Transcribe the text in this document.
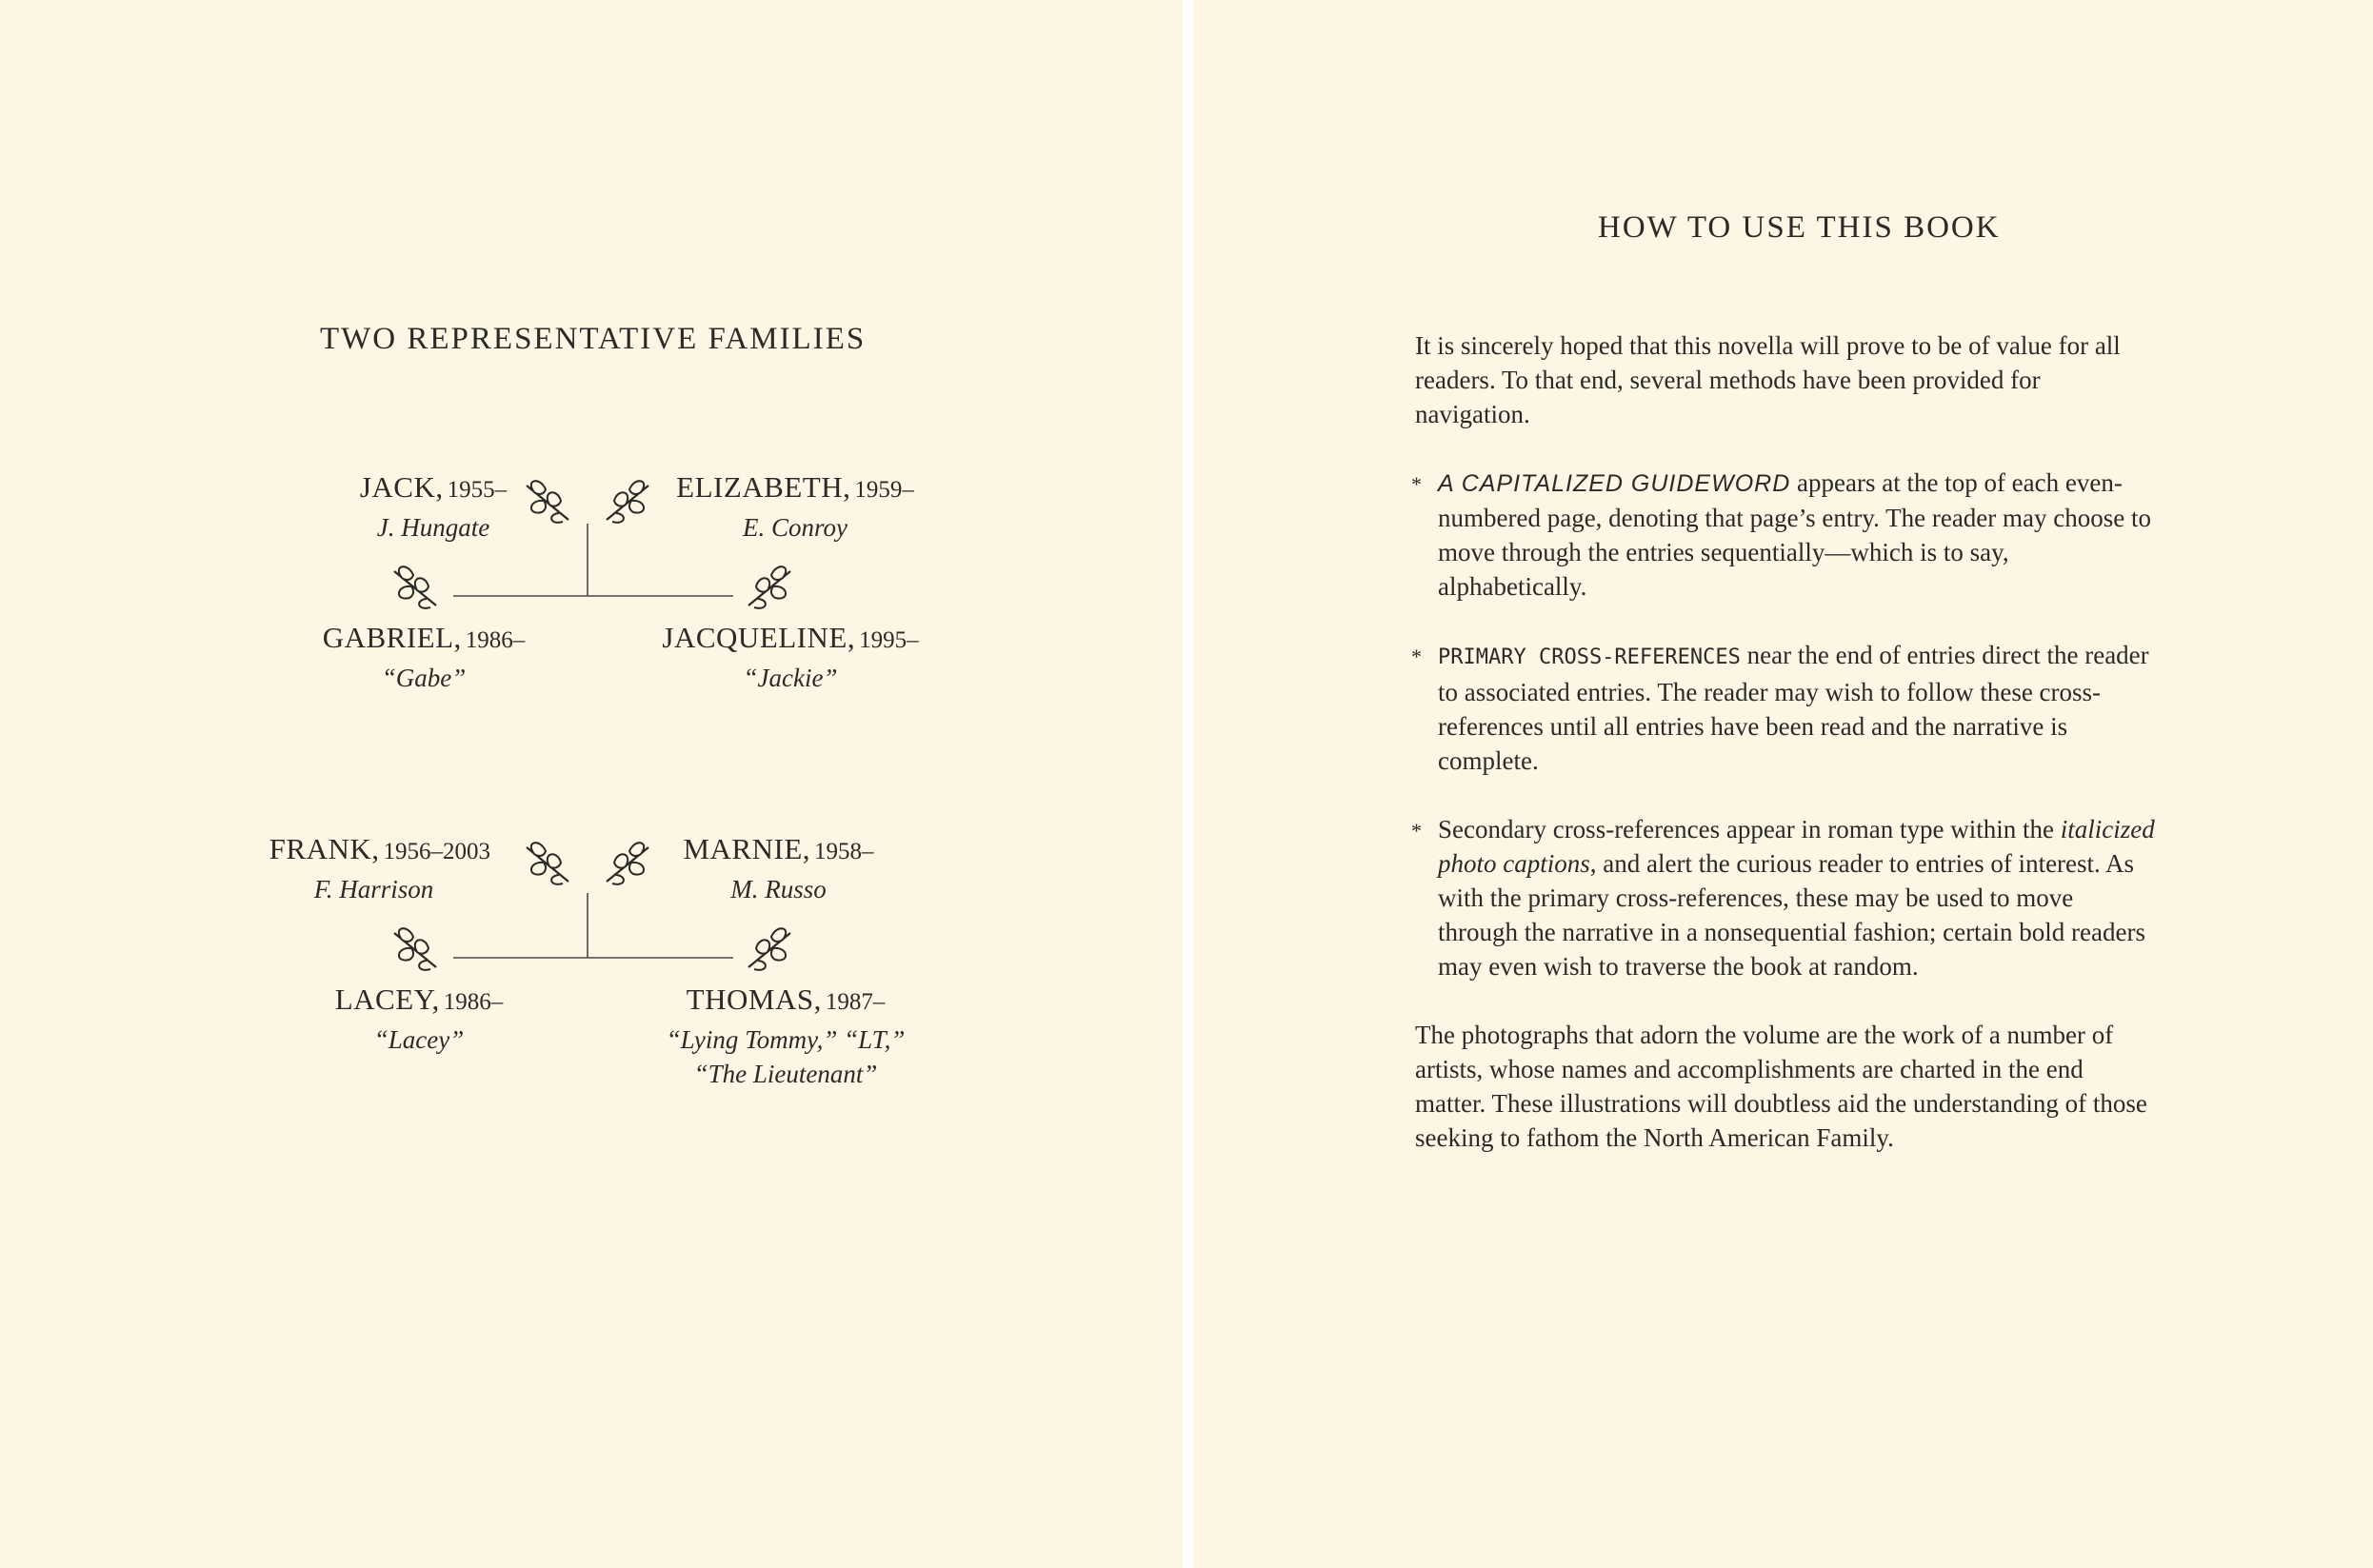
TWO REPRESENTATIVE FAMILIES
JACK, 1955–
J. Hungate
ELIZABETH, 1959–
E. Conroy
GABRIEL, 1986–
“Gabe”
JACQUELINE, 1995–
“Jackie”
FRANK, 1956–2003
F. Harrison
MARNIE, 1958–
M. Russo
LACEY, 1986–
“Lacey”
THOMAS, 1987–
“Lying Tommy,” “LT,”
“The Lieutenant”
HOW TO USE THIS BOOK

It is sincerely hoped that this novella will prove to be of value for all readers. To that end, several methods have been provided for navigation.

* A CAPITALIZED GUIDEWORD appears at the top of each even-numbered page, denoting that page’s entry. The reader may choose to move through the entries sequentially—which is to say, alphabetically.
* PRIMARY CROSS-REFERENCES near the end of entries direct the reader to associated entries. The reader may wish to follow these cross-references until all entries have been read and the narrative is complete.
* Secondary cross-references appear in roman type within the italicized photo captions, and alert the curious reader to entries of interest. As with the primary cross-references, these may be used to move through the narrative in a nonsequential fashion; certain bold readers may even wish to traverse the book at random.

The photographs that adorn the volume are the work of a number of artists, whose names and accomplishments are charted in the end matter. These illustrations will doubtless aid the understanding of those seeking to fathom the North American Family.
